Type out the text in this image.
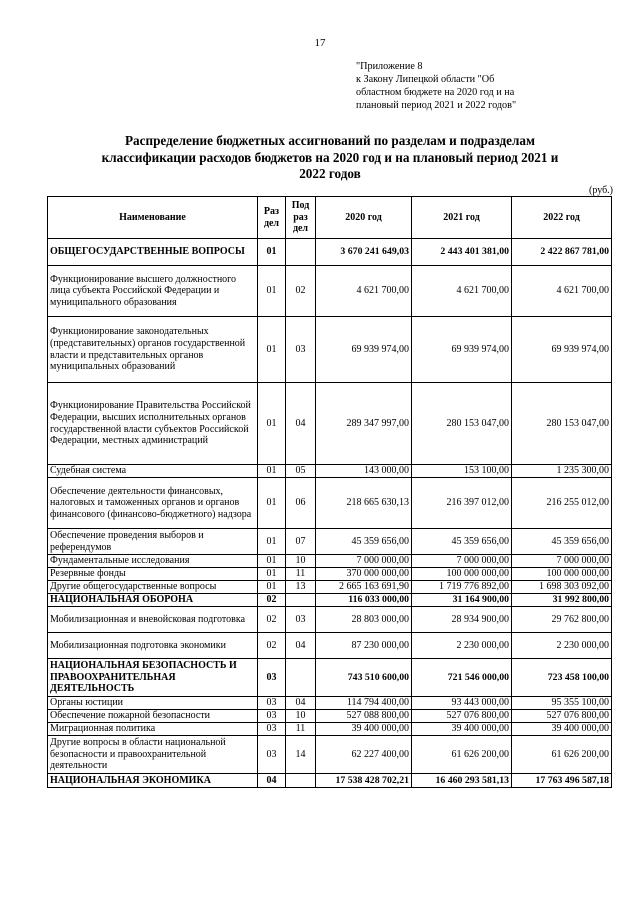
17
"Приложение 8
к Закону Липецкой области "Об
областном бюджете на 2020 год и на
плановый период 2021 и 2022 годов"
Распределение бюджетных ассигнований по разделам и подразделам
классификации расходов бюджетов на 2020 год и на плановый период 2021 и
2022 годов
(руб.)
Наименование	Раз дел	Под раз дел	2020 год	2021 год	2022 год
ОБЩЕГОСУДАРСТВЕННЫЕ ВОПРОСЫ	01		3 670 241 649,03	2 443 401 381,00	2 422 867 781,00
Функционирование высшего должностного лица субъекта Российской Федерации и муниципального образования	01	02	4 621 700,00	4 621 700,00	4 621 700,00
Функционирование законодательных (представительных) органов государственной власти и представительных органов муниципальных образований	01	03	69 939 974,00	69 939 974,00	69 939 974,00
Функционирование Правительства Российской Федерации, высших исполнительных органов государственной власти субъектов Российской Федерации, местных администраций	01	04	289 347 997,00	280 153 047,00	280 153 047,00
Судебная система	01	05	143 000,00	153 100,00	1 235 300,00
Обеспечение деятельности финансовых, налоговых и таможенных органов и органов финансового (финансово-бюджетного) надзора	01	06	218 665 630,13	216 397 012,00	216 255 012,00
Обеспечение проведения выборов и референдумов	01	07	45 359 656,00	45 359 656,00	45 359 656,00
Фундаментальные исследования	01	10	7 000 000,00	7 000 000,00	7 000 000,00
Резервные фонды	01	11	370 000 000,00	100 000 000,00	100 000 000,00
Другие общегосударственные вопросы	01	13	2 665 163 691,90	1 719 776 892,00	1 698 303 092,00
НАЦИОНАЛЬНАЯ ОБОРОНА	02		116 033 000,00	31 164 900,00	31 992 800,00
Мобилизационная и вневойсковая подготовка	02	03	28 803 000,00	28 934 900,00	29 762 800,00
Мобилизационная подготовка экономики	02	04	87 230 000,00	2 230 000,00	2 230 000,00
НАЦИОНАЛЬНАЯ БЕЗОПАСНОСТЬ И ПРАВООХРАНИТЕЛЬНАЯ ДЕЯТЕЛЬНОСТЬ	03		743 510 600,00	721 546 000,00	723 458 100,00
Органы юстиции	03	04	114 794 400,00	93 443 000,00	95 355 100,00
Обеспечение пожарной безопасности	03	10	527 088 800,00	527 076 800,00	527 076 800,00
Миграционная политика	03	11	39 400 000,00	39 400 000,00	39 400 000,00
Другие вопросы в области национальной безопасности и правоохранительной деятельности	03	14	62 227 400,00	61 626 200,00	61 626 200,00
НАЦИОНАЛЬНАЯ ЭКОНОМИКА	04		17 538 428 702,21	16 460 293 581,13	17 763 496 587,18
